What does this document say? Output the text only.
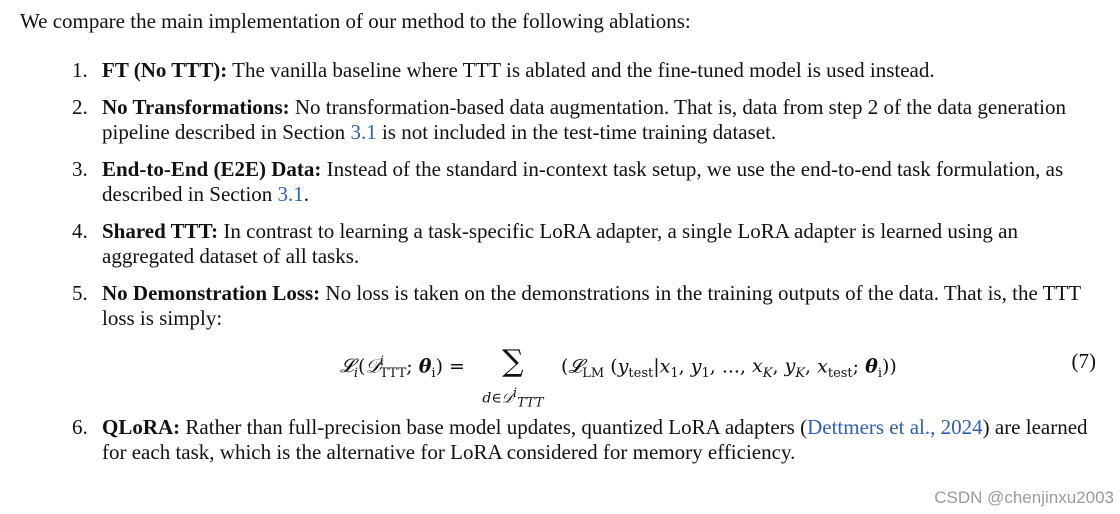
We compare the main implementation of our method to the following ablations:
1. FT (No TTT): The vanilla baseline where TTT is ablated and the fine-tuned model is used instead.
2. No Transformations: No transformation-based data augmentation. That is, data from step 2 of the data generation pipeline described in Section 3.1 is not included in the test-time training dataset.
3. End-to-End (E2E) Data: Instead of the standard in-context task setup, we use the end-to-end task formulation, as described in Section 3.1.
4. Shared TTT: In contrast to learning a task-specific LoRA adapter, a single LoRA adapter is learned using an aggregated dataset of all tasks.
5. No Demonstration Loss: No loss is taken on the demonstrations in the training outputs of the data. That is, the TTT loss is simply:
𝓛$_i$(𝒟$^i_{TTT}$; $\theta_i$) =	∑
d∈𝒟$^i_{TTT}$
(𝓛$_{LM}$ ($y_{test}|x_1$, $y_1$, ..., $x_K$, $y_K$, $x_{test}$; $\theta_i$))	(7)
6. QLoRA: Rather than full-precision base model updates, quantized LoRA adapters (Dettmers et al., 2024) are learned for each task, which is the alternative for LoRA considered for memory efficiency.
CSDN @chenjinxu2003
